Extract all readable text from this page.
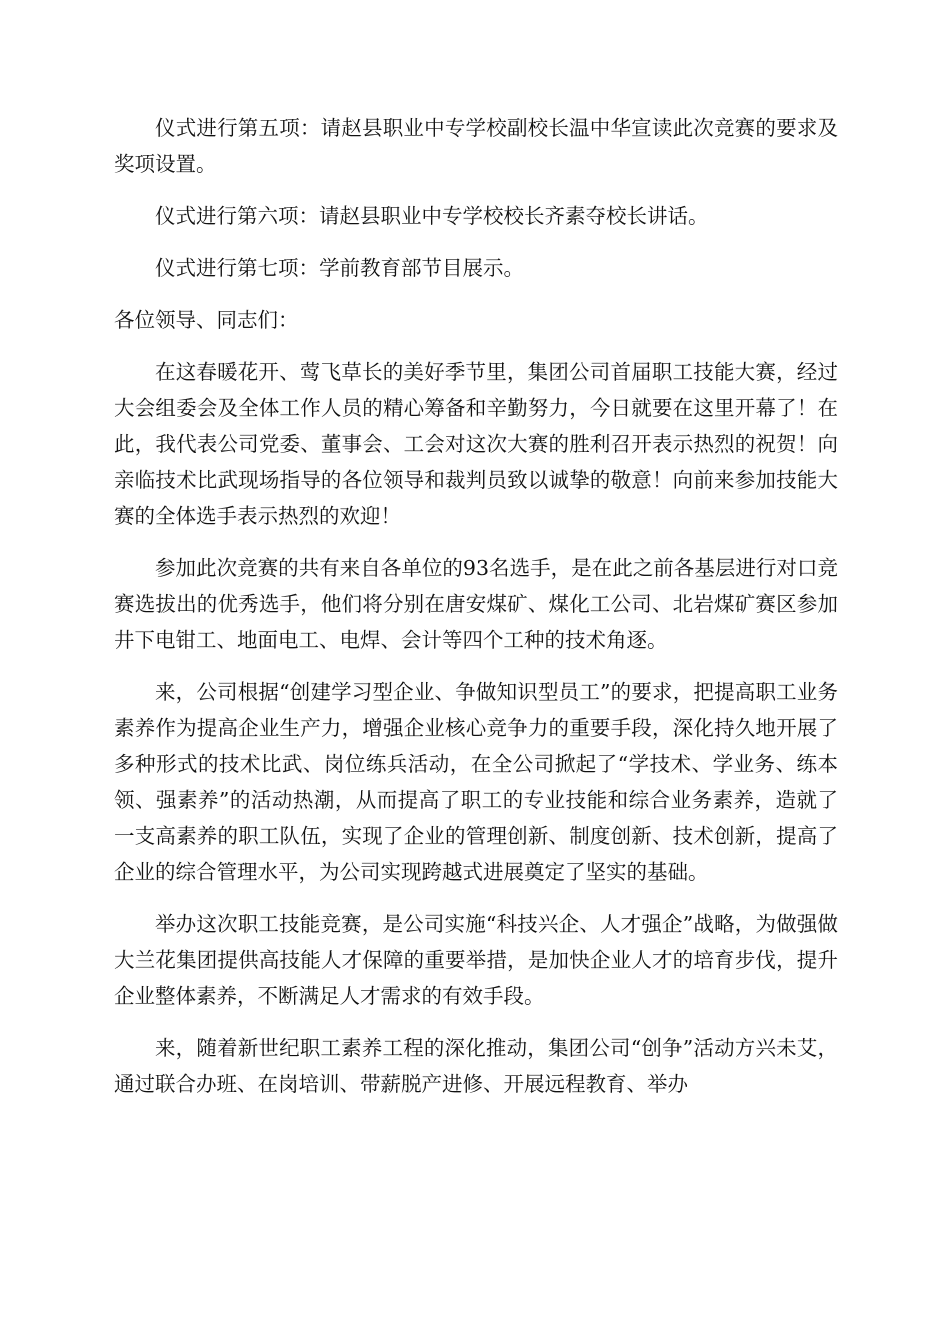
仪式进行第五项：请赵县职业中专学校副校长温中华宣读此次竞赛的要求及奖项设置。

仪式进行第六项：请赵县职业中专学校校长齐素夺校长讲话。

仪式进行第七项：学前教育部节目展示。

各位领导、同志们：

在这春暖花开、莺飞草长的美好季节里，集团公司首届职工技能大赛，经过大会组委会及全体工作人员的精心筹备和辛勤努力，今日就要在这里开幕了！在此，我代表公司党委、董事会、工会对这次大赛的胜利召开表示热烈的祝贺！向亲临技术比武现场指导的各位领导和裁判员致以诚挚的敬意！向前来参加技能大赛的全体选手表示热烈的欢迎！

参加此次竞赛的共有来自各单位的93名选手，是在此之前各基层进行对口竞赛选拔出的优秀选手，他们将分别在唐安煤矿、煤化工公司、北岩煤矿赛区参加井下电钳工、地面电工、电焊、会计等四个工种的技术角逐。

来，公司根据“创建学习型企业、争做知识型员工”的要求，把提高职工业务素养作为提高企业生产力，增强企业核心竞争力的重要手段，深化持久地开展了多种形式的技术比武、岗位练兵活动，在全公司掀起了“学技术、学业务、练本领、强素养”的活动热潮，从而提高了职工的专业技能和综合业务素养，造就了一支高素养的职工队伍，实现了企业的管理创新、制度创新、技术创新，提高了企业的综合管理水平，为公司实现跨越式进展奠定了坚实的基础。

举办这次职工技能竞赛，是公司实施“科技兴企、人才强企”战略，为做强做大兰花集团提供高技能人才保障的重要举措，是加快企业人才的培育步伐，提升企业整体素养，不断满足人才需求的有效手段。

来，随着新世纪职工素养工程的深化推动，集团公司“创争”活动方兴未艾，通过联合办班、在岗培训、带薪脱产进修、开展远程教育、举办
